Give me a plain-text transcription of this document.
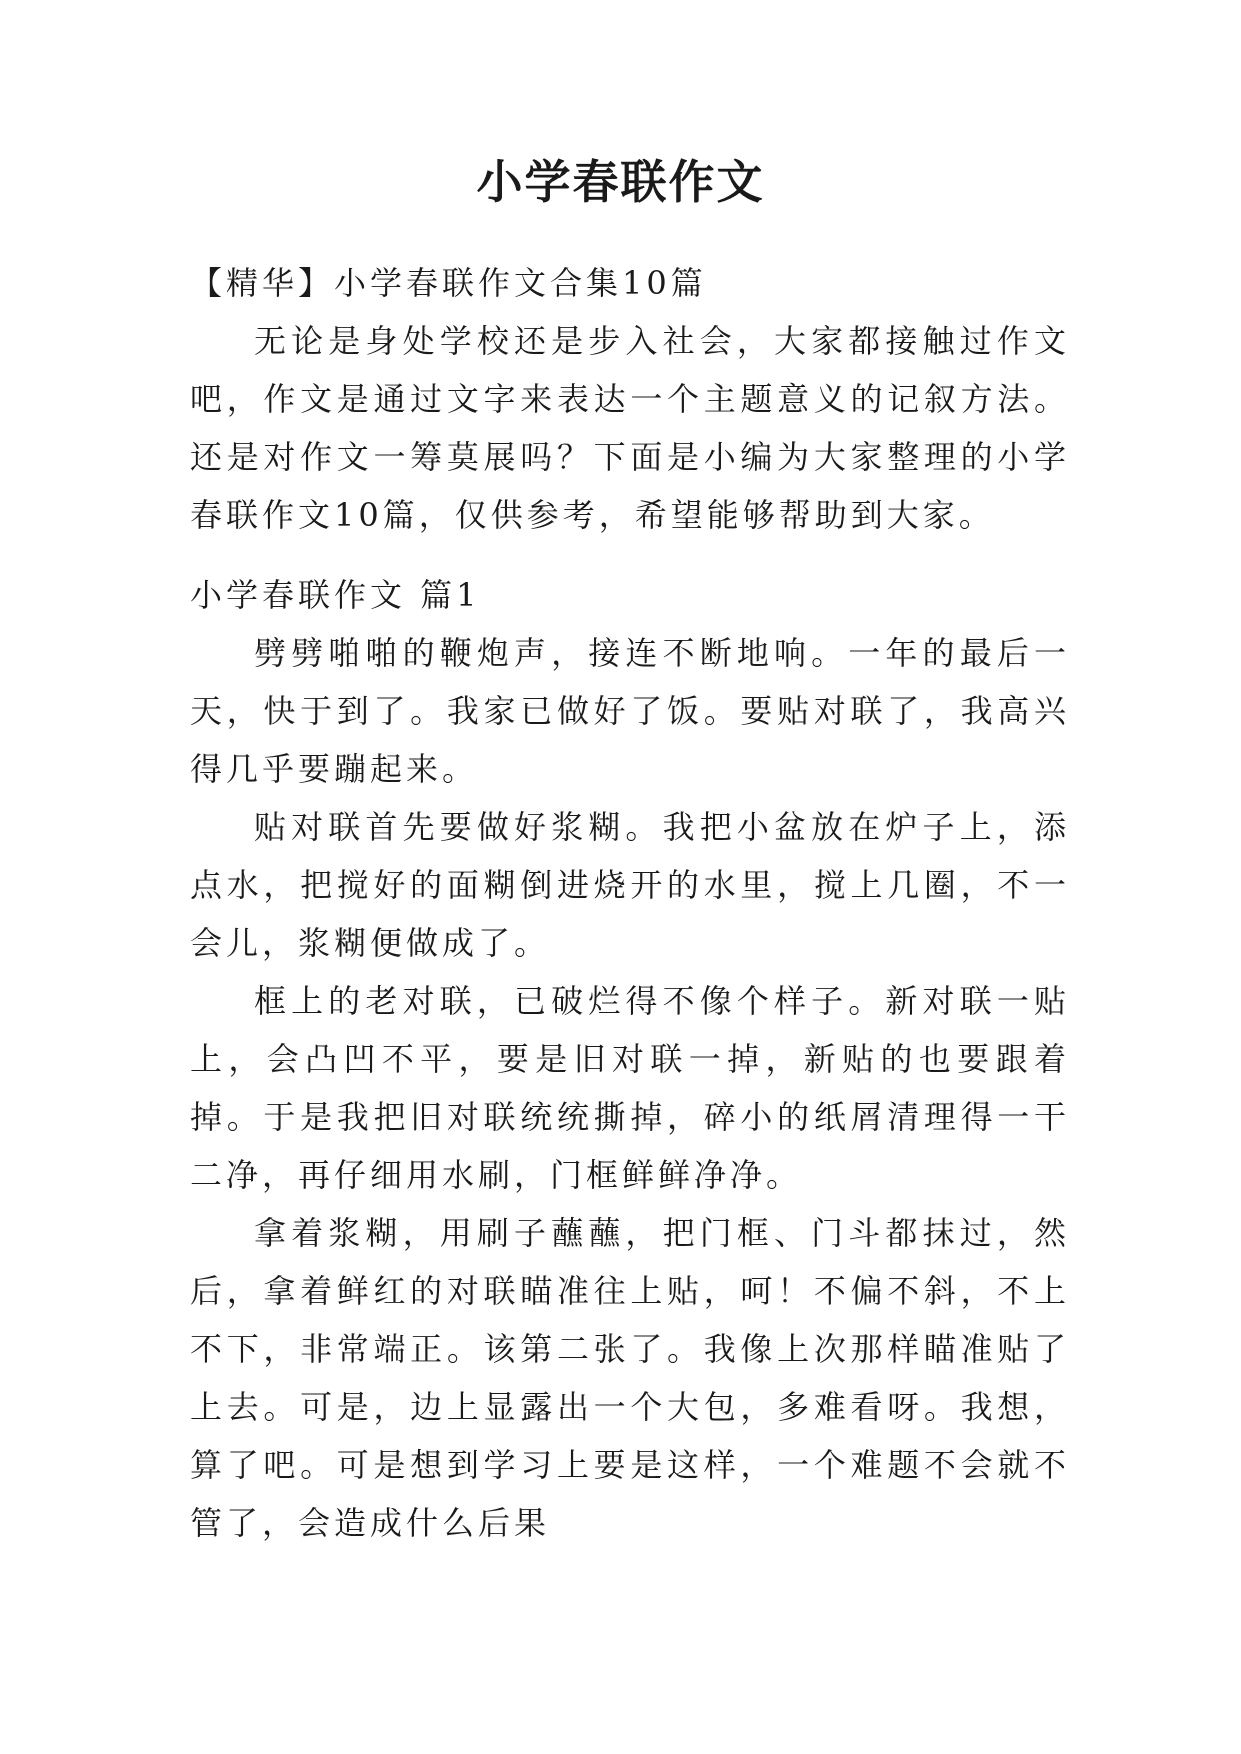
小学春联作文

【精华】小学春联作文合集10篇

无论是身处学校还是步入社会，大家都接触过作文吧，作文是通过文字来表达一个主题意义的记叙方法。还是对作文一筹莫展吗？下面是小编为大家整理的小学春联作文10篇，仅供参考，希望能够帮助到大家。

小学春联作文 篇1

劈劈啪啪的鞭炮声，接连不断地响。一年的最后一天，快于到了。我家已做好了饭。要贴对联了，我高兴得几乎要蹦起来。

贴对联首先要做好浆糊。我把小盆放在炉子上，添点水，把搅好的面糊倒进烧开的水里，搅上几圈，不一会儿，浆糊便做成了。

框上的老对联，已破烂得不像个样子。新对联一贴上，会凸凹不平，要是旧对联一掉，新贴的也要跟着掉。于是我把旧对联统统撕掉，碎小的纸屑清理得一干二净，再仔细用水刷，门框鲜鲜净净。

拿着浆糊，用刷子蘸蘸，把门框、门斗都抹过，然后，拿着鲜红的对联瞄准往上贴，呵！不偏不斜，不上不下，非常端正。该第二张了。我像上次那样瞄准贴了上去。可是，边上显露出一个大包，多难看呀。我想，算了吧。可是想到学习上要是这样，一个难题不会就不管了，会造成什么后果
